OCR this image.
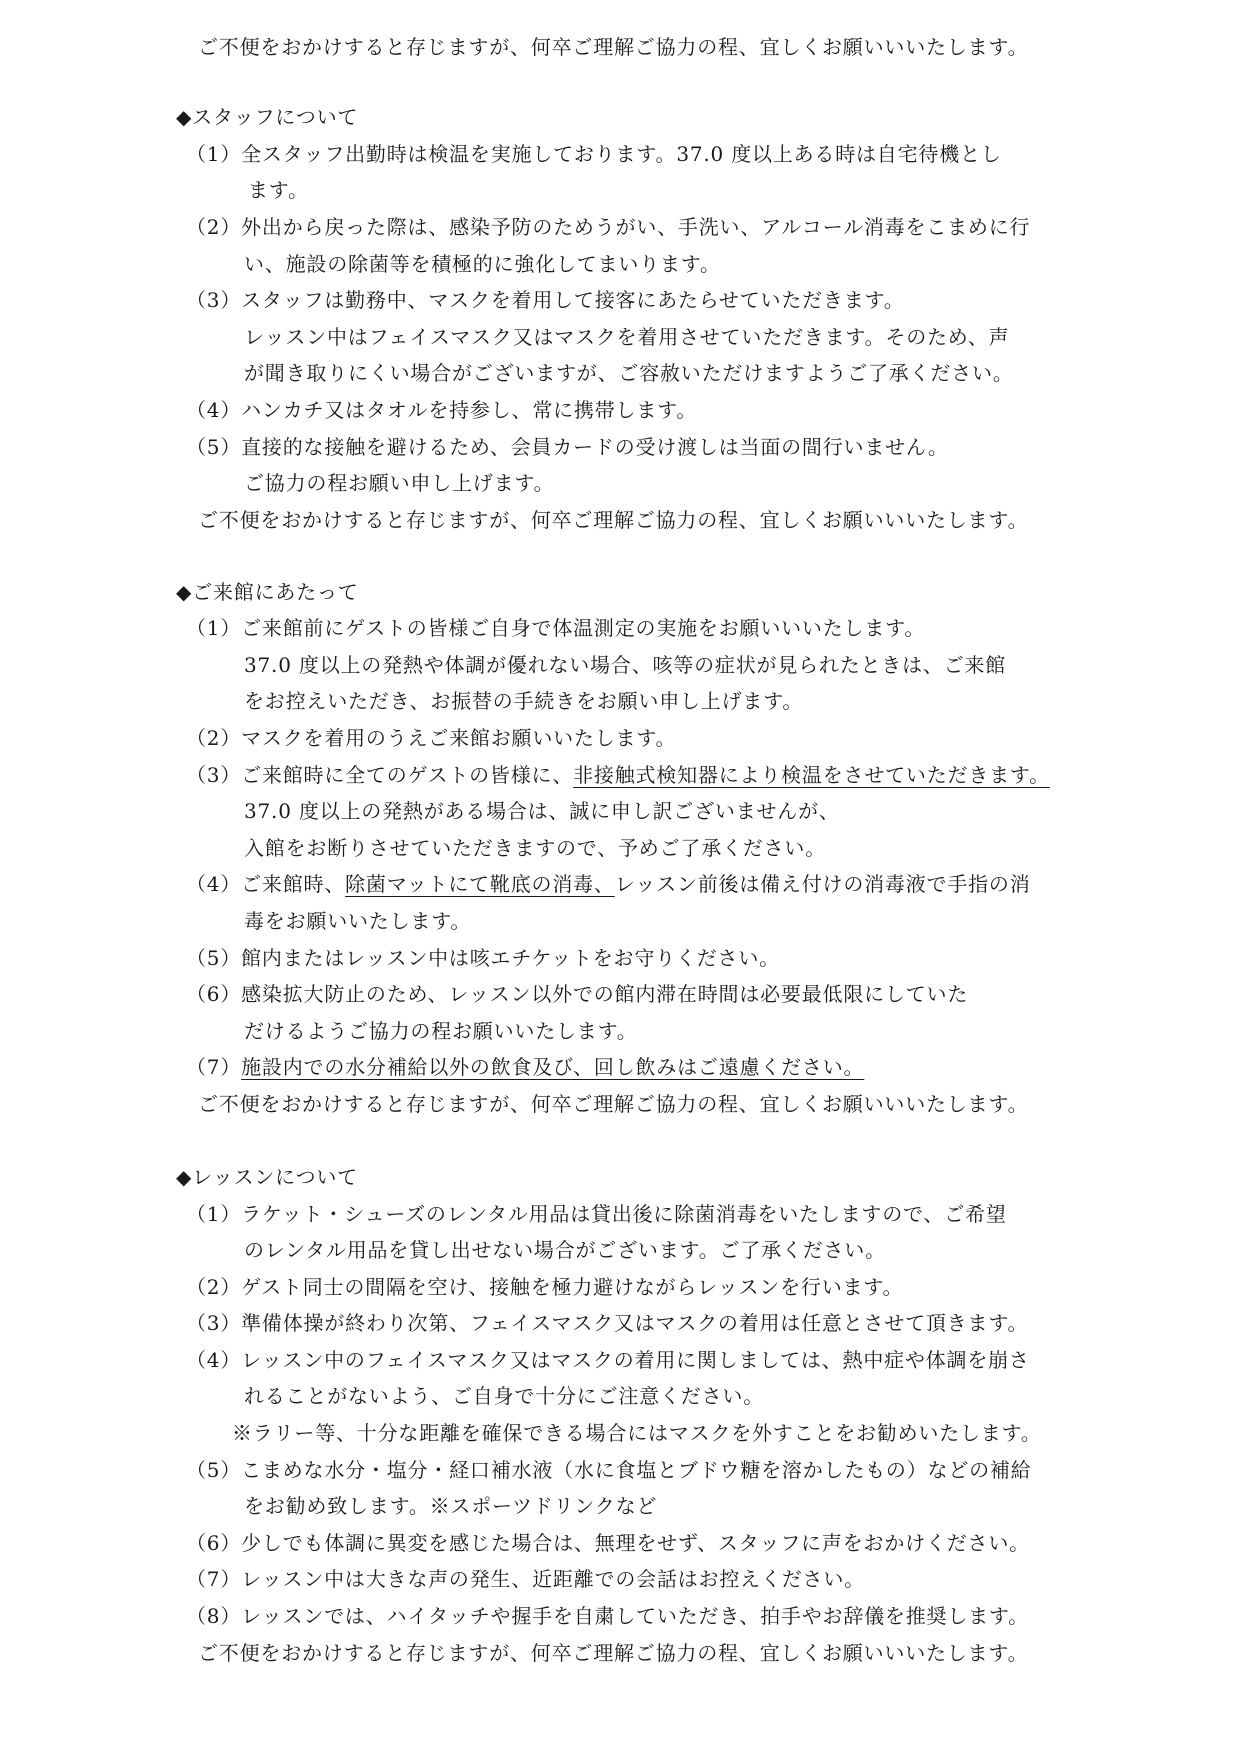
ご不便をおかけすると存じますが、何卒ご理解ご協力の程、宜しくお願いいいたします。

◆スタッフについて

（1）全スタッフ出勤時は検温を実施しております。37.0 度以上ある時は自宅待機とし

ます。

（2）外出から戻った際は、感染予防のためうがい、手洗い、アルコール消毒をこまめに行

い、施設の除菌等を積極的に強化してまいります。

（3）スタッフは勤務中、マスクを着用して接客にあたらせていただきます。

レッスン中はフェイスマスク又はマスクを着用させていただきます。そのため、声

が聞き取りにくい場合がございますが、ご容赦いただけますようご了承ください。

（4）ハンカチ又はタオルを持参し、常に携帯します。

（5）直接的な接触を避けるため、会員カードの受け渡しは当面の間行いません。

ご協力の程お願い申し上げます。

ご不便をおかけすると存じますが、何卒ご理解ご協力の程、宜しくお願いいいたします。

◆ご来館にあたって

（1）ご来館前にゲストの皆様ご自身で体温測定の実施をお願いいいたします。

37.0 度以上の発熱や体調が優れない場合、咳等の症状が見られたときは、ご来館

をお控えいただき、お振替の手続きをお願い申し上げます。

（2）マスクを着用のうえご来館お願いいたします。

（3）ご来館時に全てのゲストの皆様に、非接触式検知器により検温をさせていただきます。

37.0 度以上の発熱がある場合は、誠に申し訳ございませんが、

入館をお断りさせていただきますので、予めご了承ください。

（4）ご来館時、除菌マットにて靴底の消毒、レッスン前後は備え付けの消毒液で手指の消

毒をお願いいたします。

（5）館内またはレッスン中は咳エチケットをお守りください。

（6）感染拡大防止のため、レッスン以外での館内滞在時間は必要最低限にしていた

だけるようご協力の程お願いいたします。

（7）施設内での水分補給以外の飲食及び、回し飲みはご遠慮ください。

ご不便をおかけすると存じますが、何卒ご理解ご協力の程、宜しくお願いいいたします。

◆レッスンについて

（1）ラケット・シューズのレンタル用品は貸出後に除菌消毒をいたしますので、ご希望

のレンタル用品を貸し出せない場合がございます。ご了承ください。

（2）ゲスト同士の間隔を空け、接触を極力避けながらレッスンを行います。

（3）準備体操が終わり次第、フェイスマスク又はマスクの着用は任意とさせて頂きます。

（4）レッスン中のフェイスマスク又はマスクの着用に関しましては、熱中症や体調を崩さ

れることがないよう、ご自身で十分にご注意ください。

※ラリー等、十分な距離を確保できる場合にはマスクを外すことをお勧めいたします。

（5）こまめな水分・塩分・経口補水液（水に食塩とブドウ糖を溶かしたもの）などの補給

をお勧め致します。※スポーツドリンクなど

（6）少しでも体調に異変を感じた場合は、無理をせず、スタッフに声をおかけください。

（7）レッスン中は大きな声の発生、近距離での会話はお控えください。

（8）レッスンでは、ハイタッチや握手を自粛していただき、拍手やお辞儀を推奨します。

ご不便をおかけすると存じますが、何卒ご理解ご協力の程、宜しくお願いいいたします。
